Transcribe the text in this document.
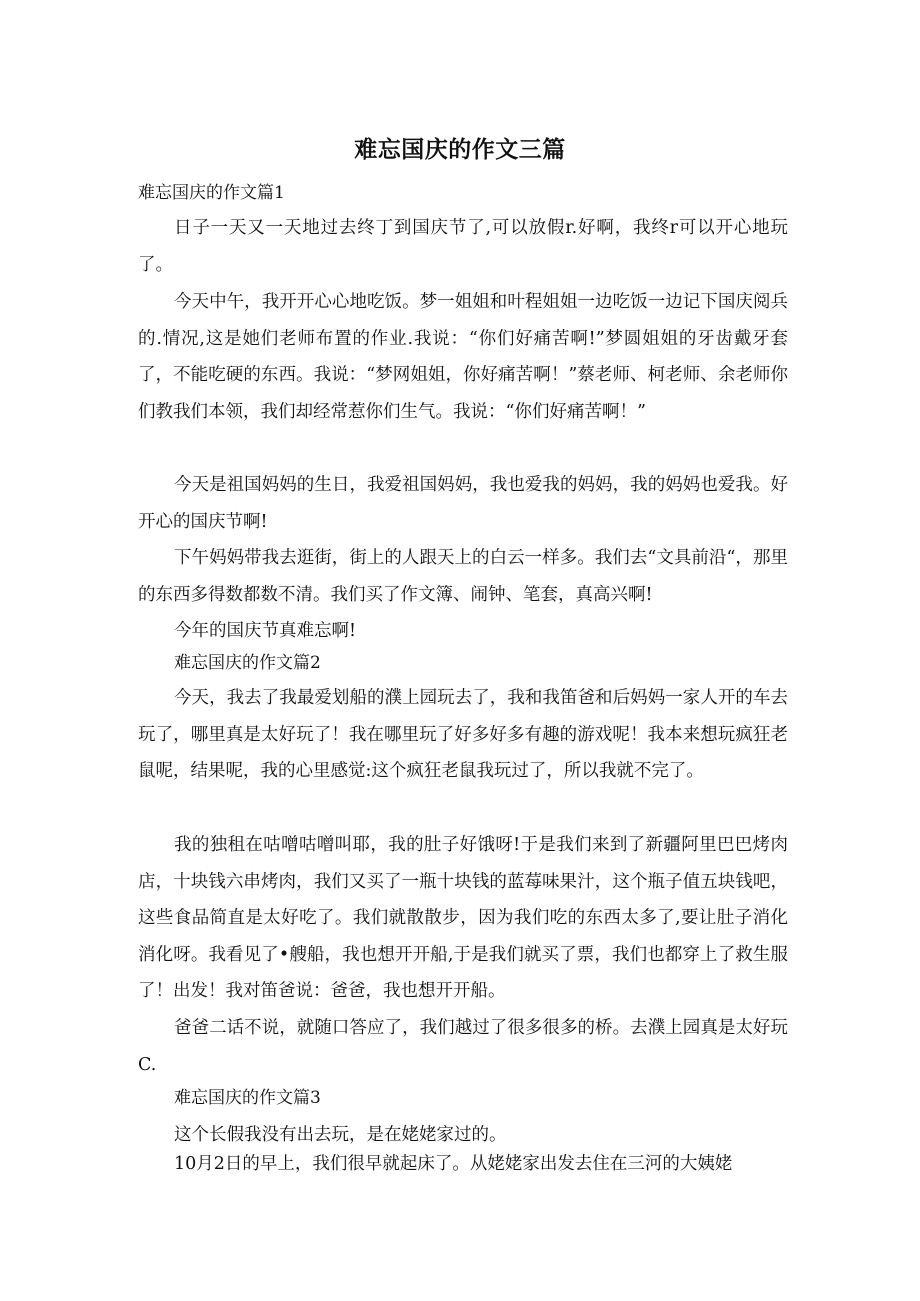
难忘国庆的作文三篇
难忘国庆的作文篇1
日子一天又一天地过去终丁到国庆节了,可以放假r.好啊，我终r可以开心地玩了。
今天中午，我开开心心地吃饭。梦一姐姐和叶程姐姐一边吃饭一边记下国庆阅兵的.情况,这是她们老师布置的作业.我说：“你们好痛苦啊!”梦圆姐姐的牙齿戴牙套了，不能吃硬的东西。我说：“梦网姐姐，你好痛苦啊！”蔡老师、柯老师、余老师你们教我们本领，我们却经常惹你们生气。我说：“你们好痛苦啊！”
今天是祖国妈妈的生日，我爱祖国妈妈，我也爱我的妈妈，我的妈妈也爱我。好开心的国庆节啊!
下午妈妈带我去逛街，街上的人跟天上的白云一样多。我们去“文具前沿“，那里的东西多得数都数不清。我们买了作文簿、闹钟、笔套，真高兴啊!
今年的国庆节真难忘啊!
难忘国庆的作文篇2
今天，我去了我最爱划船的濮上园玩去了，我和我笛爸和后妈妈一家人开的车去玩了，哪里真是太好玩了！我在哪里玩了好多好多有趣的游戏呢！我本来想玩疯狂老鼠呢，结果呢，我的心里感觉:这个疯狂老鼠我玩过了，所以我就不完了。
我的独租在咕噌咕噌叫耶，我的肚子好饿呀!于是我们来到了新疆阿里巴巴烤肉店，十块钱六串烤肉，我们又买了一瓶十块钱的蓝莓味果汁，这个瓶子值五块钱吧，这些食品简直是太好吃了。我们就散散步，因为我们吃的东西太多了,要让肚子消化消化呀。我看见了•艘船，我也想开开船,于是我们就买了票，我们也都穿上了救生服了！出发！我对笛爸说：爸爸，我也想开开船。
爸爸二话不说，就随口答应了，我们越过了很多很多的桥。去濮上园真是太好玩C.
难忘国庆的作文篇3
这个长假我没有出去玩，是在姥姥家过的。
10月2日的早上，我们很早就起床了。从姥姥家出发去住在三河的大姨姥
